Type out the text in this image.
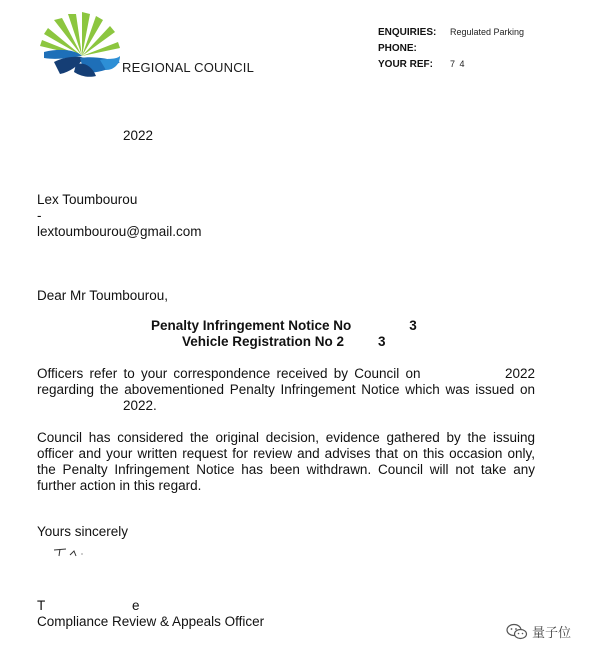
REGIONAL COUNCIL
ENQUIRIES:	Regulated Parking
PHONE:
YOUR REF:	7​ 4
2022
Lex Toumbourou
-
lextoumbourou@gmail.com
Dear Mr Toumbourou,
Penalty Infringement Notice No	3
Vehicle Registration No 2	3
Officers refer to your correspondence received by Council on	2022
regarding the abovementioned Penalty Infringement Notice which was issued on
2022.
Council has considered the original decision, evidence gathered by the issuing
officer and your written request for review and advises that on this occasion only,
the Penalty Infringement Notice has been withdrawn. Council will not take any
further action in this regard.
Yours sincerely
T	e
Compliance Review & Appeals Officer
量子位
